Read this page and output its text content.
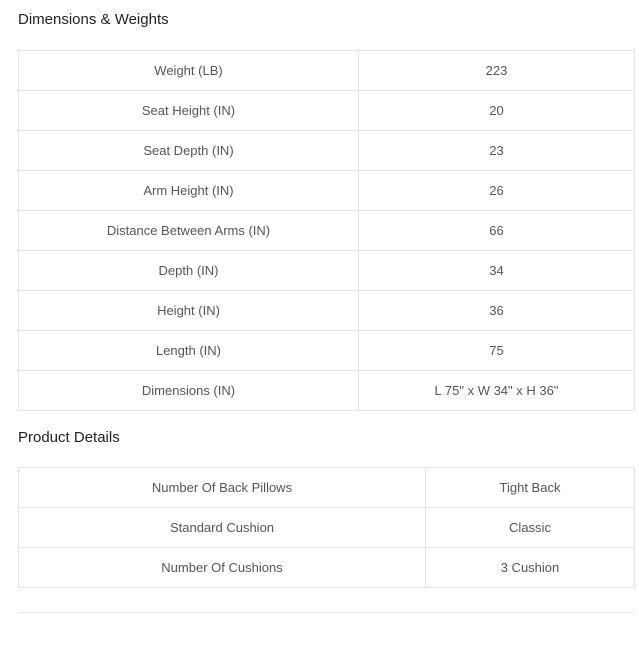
Dimensions & Weights
Weight (LB)	223
Seat Height (IN)	20
Seat Depth (IN)	23
Arm Height (IN)	26
Distance Between Arms (IN)	66
Depth (IN)	34
Height (IN)	36
Length (IN)	75
Dimensions (IN)	L 75" x W 34" x H 36"
Product Details
Number Of Back Pillows	Tight Back
Standard Cushion	Classic
Number Of Cushions	3 Cushion
